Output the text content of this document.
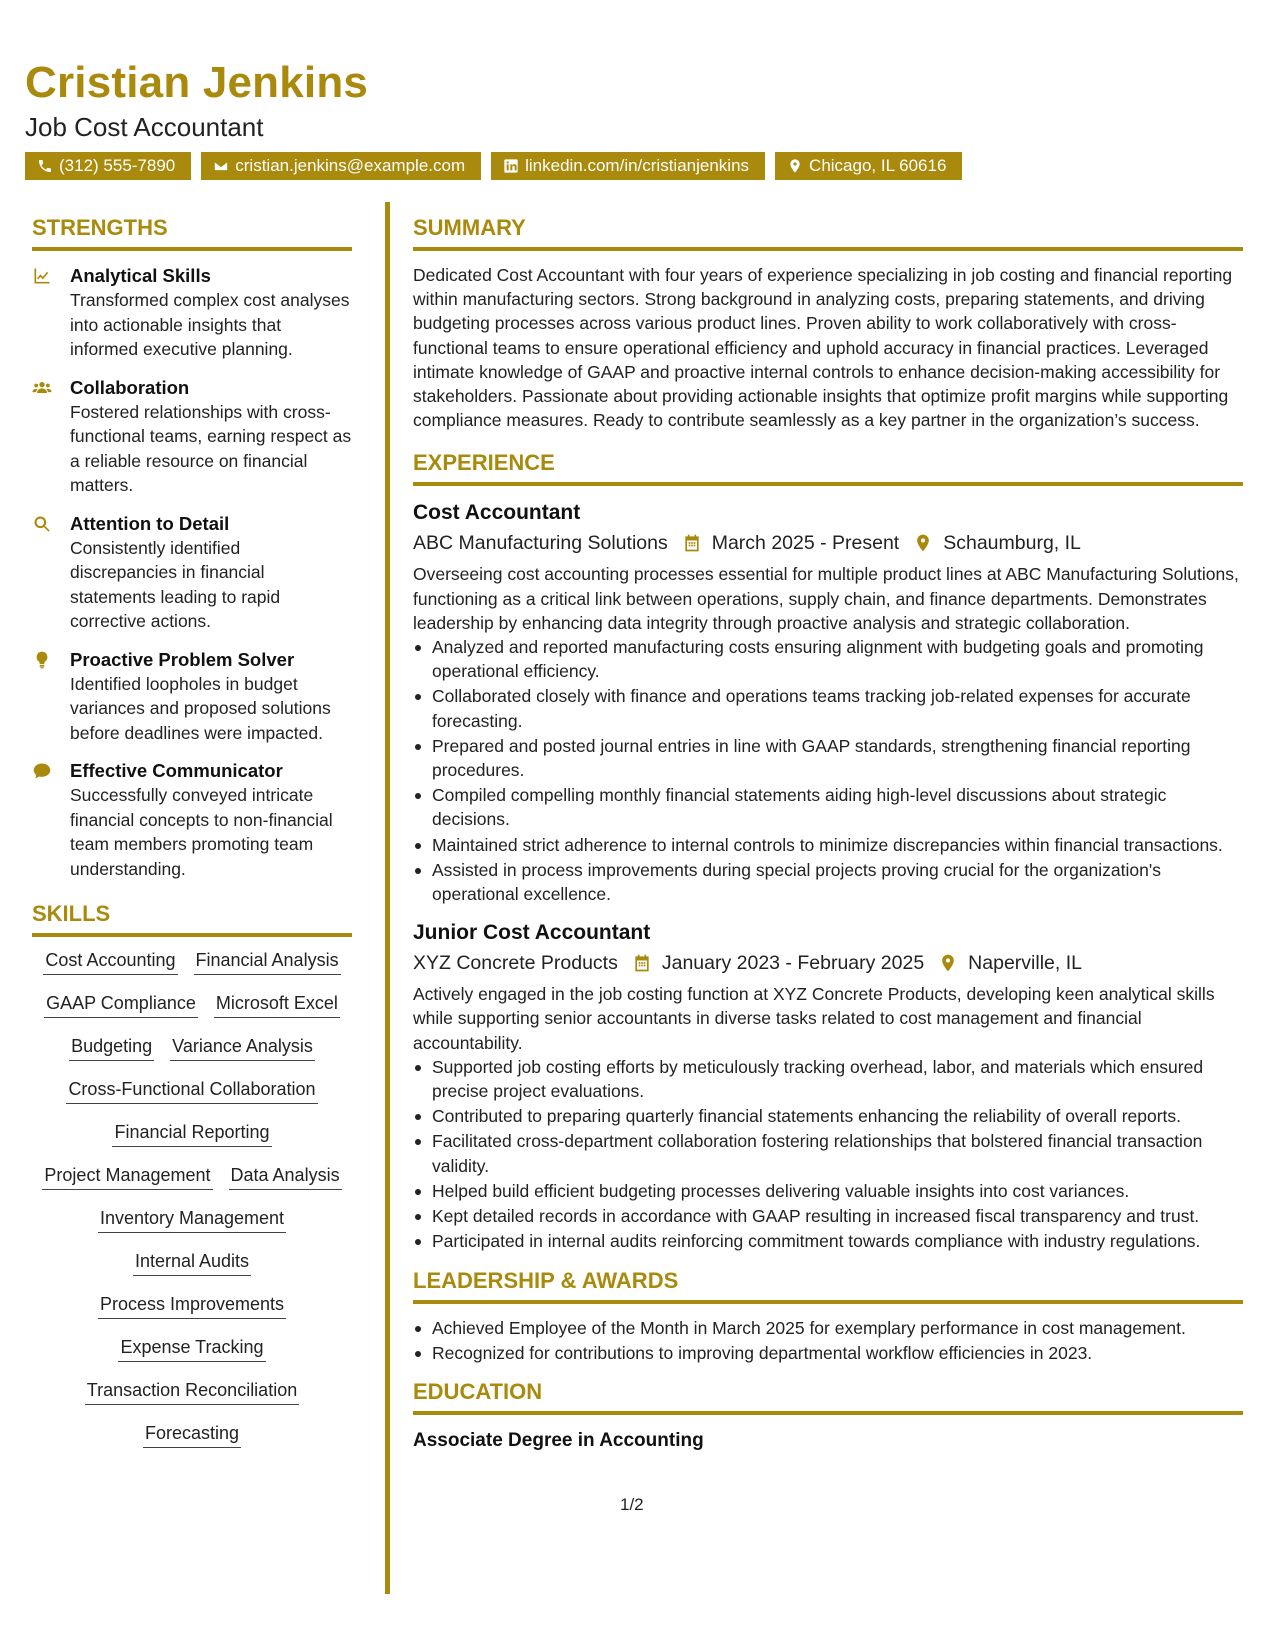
Cristian Jenkins
Job Cost Accountant
(312) 555-7890	cristian.jenkins@example.com	linkedin.com/in/cristianjenkins	Chicago, IL 60616
STRENGTHS
Analytical Skills
Transformed complex cost analyses into actionable insights that informed executive planning.
Collaboration
Fostered relationships with cross-functional teams, earning respect as a reliable resource on financial matters.
Attention to Detail
Consistently identified discrepancies in financial statements leading to rapid corrective actions.
Proactive Problem Solver
Identified loopholes in budget variances and proposed solutions before deadlines were impacted.
Effective Communicator
Successfully conveyed intricate financial concepts to non-financial team members promoting team understanding.
SKILLS
Cost Accounting Financial Analysis
GAAP Compliance Microsoft Excel
Budgeting Variance Analysis
Cross-Functional Collaboration
Financial Reporting
Project Management Data Analysis
Inventory Management
Internal Audits
Process Improvements
Expense Tracking
Transaction Reconciliation
Forecasting
SUMMARY
Dedicated Cost Accountant with four years of experience specializing in job costing and financial reporting within manufacturing sectors. Strong background in analyzing costs, preparing statements, and driving budgeting processes across various product lines. Proven ability to work collaboratively with cross-functional teams to ensure operational efficiency and uphold accuracy in financial practices. Leveraged intimate knowledge of GAAP and proactive internal controls to enhance decision-making accessibility for stakeholders. Passionate about providing actionable insights that optimize profit margins while supporting compliance measures. Ready to contribute seamlessly as a key partner in the organization’s success.
EXPERIENCE
Cost Accountant
ABC Manufacturing Solutions March 2025 - Present Schaumburg, IL
Overseeing cost accounting processes essential for multiple product lines at ABC Manufacturing Solutions, functioning as a critical link between operations, supply chain, and finance departments. Demonstrates leadership by enhancing data integrity through proactive analysis and strategic collaboration.
Analyzed and reported manufacturing costs ensuring alignment with budgeting goals and promoting operational efficiency.
Collaborated closely with finance and operations teams tracking job-related expenses for accurate forecasting.
Prepared and posted journal entries in line with GAAP standards, strengthening financial reporting procedures.
Compiled compelling monthly financial statements aiding high-level discussions about strategic decisions.
Maintained strict adherence to internal controls to minimize discrepancies within financial transactions.
Assisted in process improvements during special projects proving crucial for the organization's operational excellence.
Junior Cost Accountant
XYZ Concrete Products January 2023 - February 2025 Naperville, IL
Actively engaged in the job costing function at XYZ Concrete Products, developing keen analytical skills while supporting senior accountants in diverse tasks related to cost management and financial accountability.
Supported job costing efforts by meticulously tracking overhead, labor, and materials which ensured precise project evaluations.
Contributed to preparing quarterly financial statements enhancing the reliability of overall reports.
Facilitated cross-department collaboration fostering relationships that bolstered financial transaction validity.
Helped build efficient budgeting processes delivering valuable insights into cost variances.
Kept detailed records in accordance with GAAP resulting in increased fiscal transparency and trust.
Participated in internal audits reinforcing commitment towards compliance with industry regulations.
LEADERSHIP & AWARDS
Achieved Employee of the Month in March 2025 for exemplary performance in cost management.
Recognized for contributions to improving departmental workflow efficiencies in 2023.
EDUCATION
Associate Degree in Accounting
1/2
